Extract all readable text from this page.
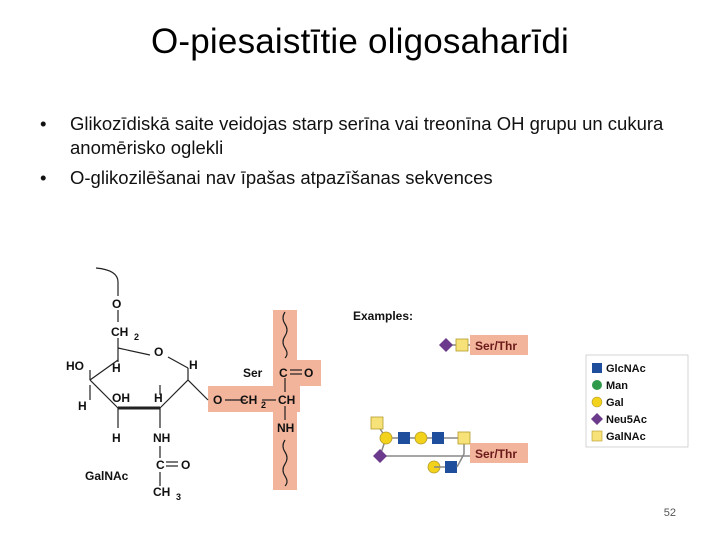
O-piesaistītie oligosaharīdi
• Glikozīdiskā saite veidojas starp serīna vai treonīna OH grupu un cukura anomērisko oglekli
• O-glikozilēšanai nav īpašas atpazīšanas sekvences
O
CH 2
O
HO H	H
H
OH H
H	NH
C O
CH 3
GalNAc
Ser C O
O CH 2 CH
NH
Examples:
Ser/Thr
Ser/Thr
GlcNAc
Man
Gal
Neu5Ac
GalNAc
52
